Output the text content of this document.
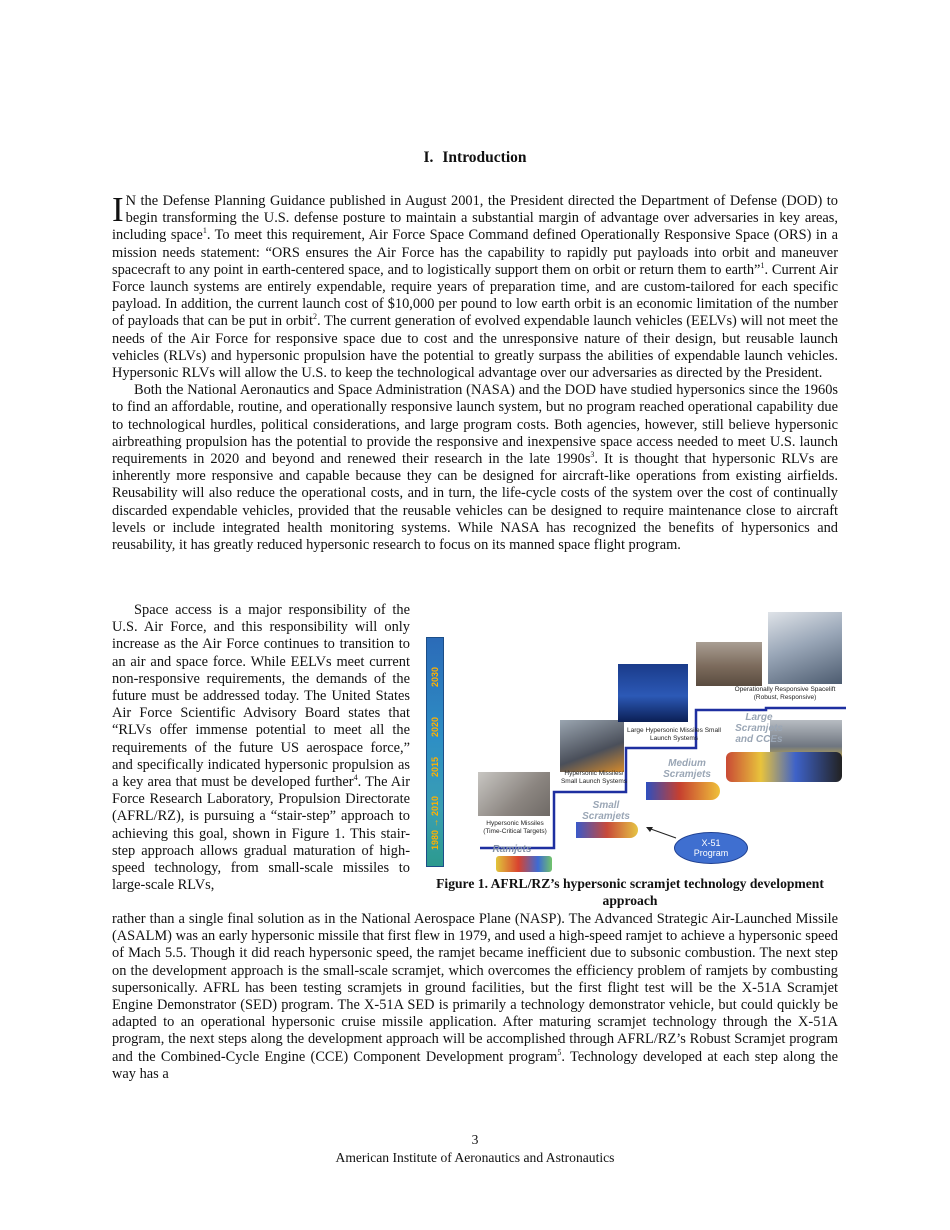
I. Introduction

I N the Defense Planning Guidance published in August 2001, the President directed the Department of Defense (DOD) to begin transforming the U.S. defense posture to maintain a substantial margin of advantage over adversaries in key areas, including space$^1$. To meet this requirement, Air Force Space Command defined Operationally Responsive Space (ORS) in a mission needs statement: “ORS ensures the Air Force has the capability to rapidly put payloads into orbit and maneuver spacecraft to any point in earth-centered space, and to logistically support them on orbit or return them to earth”$^1$. Current Air Force launch systems are entirely expendable, require years of preparation time, and are custom-tailored for each specific payload. In addition, the current launch cost of $10,000 per pound to low earth orbit is an economic limitation of the number of payloads that can be put in orbit$^2$. The current generation of evolved expendable launch vehicles (EELVs) will not meet the needs of the Air Force for responsive space due to cost and the unresponsive nature of their design, but reusable launch vehicles (RLVs) and hypersonic propulsion have the potential to greatly surpass the abilities of expendable launch vehicles. Hypersonic RLVs will allow the U.S. to keep the technological advantage over our adversaries as directed by the President.

Both the National Aeronautics and Space Administration (NASA) and the DOD have studied hypersonics since the 1960s to find an affordable, routine, and operationally responsive launch system, but no program reached operational capability due to technological hurdles, political considerations, and large program costs. Both agencies, however, still believe hypersonic airbreathing propulsion has the potential to provide the responsive and inexpensive space access needed to meet U.S. launch requirements in 2020 and beyond and renewed their research in the late $1990s^3$. It is thought that hypersonic RLVs are inherently more responsive and capable because they can be designed for aircraft-like operations from existing airfields. Reusability will also reduce the operational costs, and in turn, the life-cycle costs of the system over the cost of continually discarded expendable vehicles, provided that the reusable vehicles can be designed to require maintenance close to aircraft levels or include integrated health monitoring systems. While NASA has recognized the benefits of hypersonics and reusability, it has greatly reduced hypersonic research to focus on its manned space flight program.

Space access is a major responsibility of the U.S. Air Force, and this responsibility will only increase as the Air Force continues to transition to an air and space force. While EELVs meet current non-responsive requirements, the demands of the future must be addressed today. The United States Air Force Scientific Advisory Board states that “RLVs offer immense potential to meet all the requirements of the future US aerospace force,” and specifically indicated hypersonic propulsion as a key area that must be developed further$^4$. The Air Force Research Laboratory, Propulsion Directorate (AFRL/RZ), is pursuing a “stair-step” approach to achieving this goal, shown in Figure 1. This stair-step approach allows gradual maturation of high-speed technology, from small-scale missiles to large-scale RLVs,

rather than a single final solution as in the National Aerospace Plane (NASP). The Advanced Strategic Air-Launched Missile (ASALM) was an early hypersonic missile that first flew in 1979, and used a high-speed ramjet to achieve a hypersonic speed of Mach 5.5. Though it did reach hypersonic speed, the ramjet became inefficient due to subsonic combustion. The next step on the development approach is the small-scale scramjet, which overcomes the efficiency problem of ramjets by combusting supersonically. AFRL has been testing scramjets in ground facilities, but the first flight test will be the X-51A Scramjet Engine Demonstrator (SED) program. The X-51A SED is primarily a technology demonstrator vehicle, but could quickly be adapted to an operational hypersonic cruise missile application. After maturing scramjet technology through the X-51A program, the next steps along the development approach will be accomplished through AFRL/RZ’s Robust Scramjet program and the Combined-Cycle Engine (CCE) Component Development program$^5$. Technology developed at each step along the way has a

1980 → 2010
2015
2020
2030
Hypersonic Missiles (Time-Critical Targets)
Hypersonic Missiles/ Small Launch Systems
Large Hypersonic Missiles Small Launch Systems
Operationally Responsive Spacelift (Robust, Responsive)
Ramjets
Small Scramjets
Medium Scramjets
Large Scramjets and CCEs
X-51 Program
Figure 1. AFRL/RZ’s hypersonic scramjet technology development approach
3
American Institute of Aeronautics and Astronautics
